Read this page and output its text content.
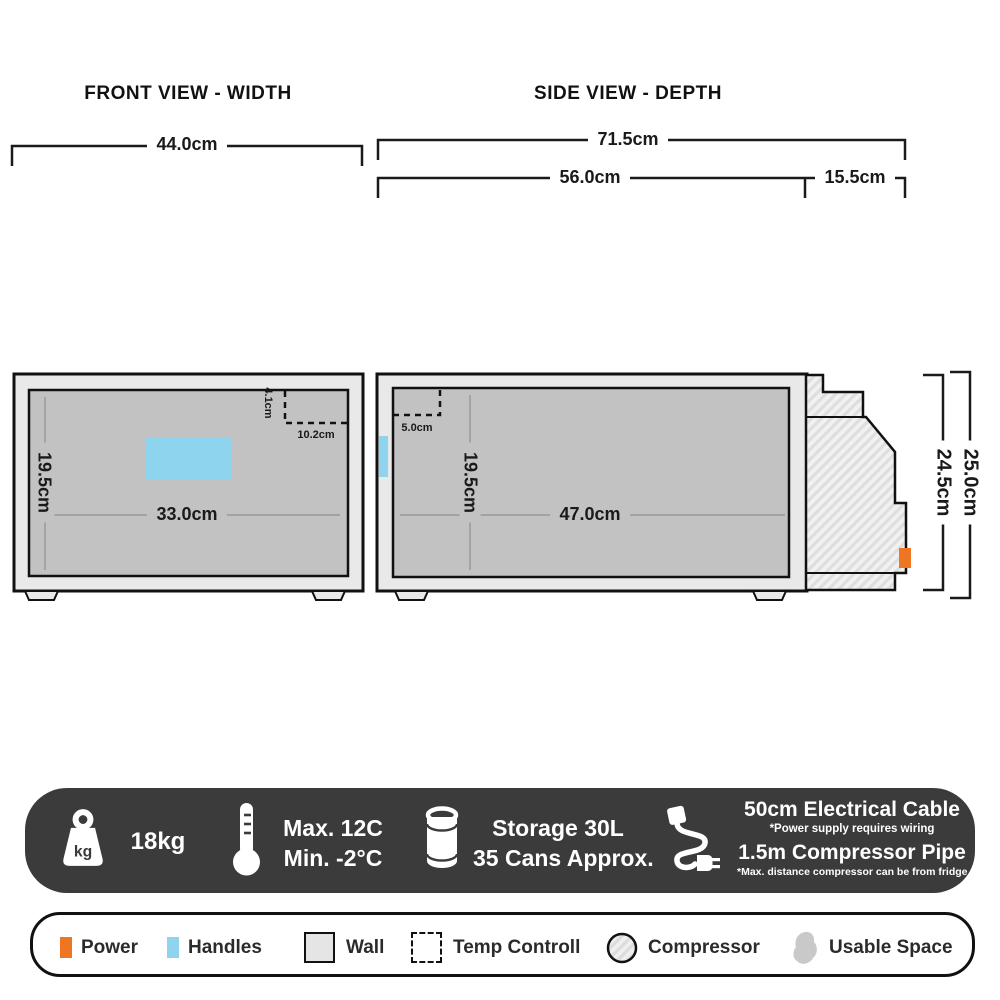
FRONT VIEW - WIDTH	SIDE VIEW - DEPTH
44.0cm	71.5cm
56.0cm	15.5cm
19.5cm
33.0cm
4.1cm
10.2cm
19.5cm
47.0cm
5.0cm
24.5cm 25.0cm
kg	18kg	Max. 12C
Min. -2°C
Storage 30L
35 Cans Approx.
50cm Electrical Cable
*Power supply requires wiring
1.5m Compressor Pipe
*Max. distance compressor can be from fridge
Power	Handles	Wall	Temp Controll	Compressor	Usable Space
